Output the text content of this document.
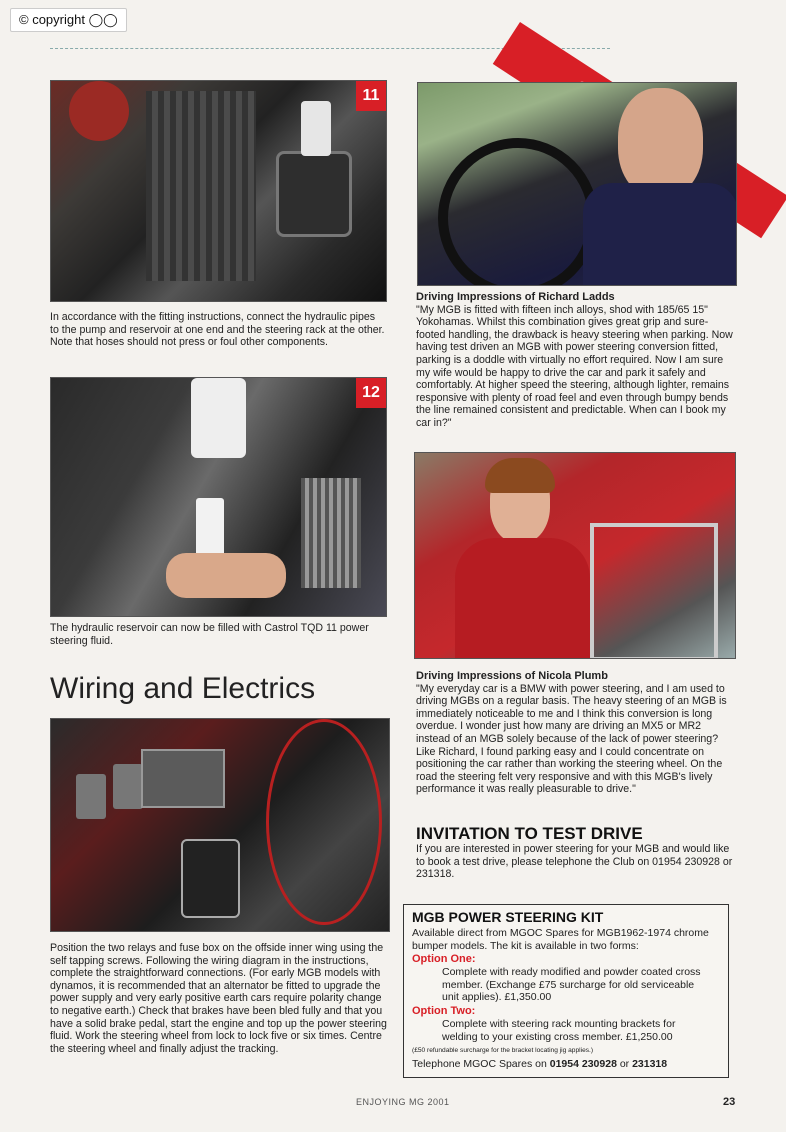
© copyright ◯◯
11
In accordance with the fitting instructions, connect the hydraulic pipes to the pump and reservoir at one end and the steering rack at the other. Note that hoses should not press or foul other components.
12
The hydraulic reservoir can now be filled with Castrol TQD 11 power steering fluid.
Wiring and Electrics
Position the two relays and fuse box on the offside inner wing using the self tapping screws. Following the wiring diagram in the instructions, complete the straightforward connections. (For early MGB models with dynamos, it is recommended that an alternator be fitted to upgrade the power supply and very early positive earth cars require polarity change to negative earth.) Check that brakes have been bled fully and that you have a solid brake pedal, start the engine and top up the power steering fluid. Work the steering wheel from lock to lock five or six times. Centre the steering wheel and finally adjust the tracking.
Driving Impressions of Richard Ladds
"My MGB is fitted with fifteen inch alloys, shod with 185/65 15" Yokohamas. Whilst this combination gives great grip and sure-footed handling, the drawback is heavy steering when parking. Now having test driven an MGB with power steering conversion fitted, parking is a doddle with virtually no effort required. Now I am sure my wife would be happy to drive the car and park it safely and comfortably. At higher speed the steering, although lighter, remains responsive with plenty of road feel and even through bumpy bends the line remained consistent and predictable. When can I book my car in?"
Driving Impressions of Nicola Plumb
"My everyday car is a BMW with power steering, and I am used to driving MGBs on a regular basis. The heavy steering of an MGB is immediately noticeable to me and I think this conversion is long overdue. I wonder just how many are driving an MX5 or MR2 instead of an MGB solely because of the lack of power steering? Like Richard, I found parking easy and I could concentrate on positioning the car rather than working the steering wheel. On the road the steering felt very responsive and with this MGB's lively performance it was really pleasurable to drive."
INVITATION TO TEST DRIVE
If you are interested in power steering for your MGB and would like to book a test drive, please telephone the Club on 01954 230928 or 231318.
MGB POWER STEERING KIT
Available direct from MGOC Spares for MGB1962-1974 chrome
bumper models. The kit is available in two forms:
Option One:
Complete with ready modified and powder coated cross member. (Exchange £75 surcharge for old serviceable unit applies). £1,350.00
Option Two:
Complete with steering rack mounting brackets for welding to your existing cross member. £1,250.00
(£50 refundable surcharge for the bracket locating jig applies.)
Telephone MGOC Spares on 01954 230928 or 231318
ENJOYING MG 2001	23
